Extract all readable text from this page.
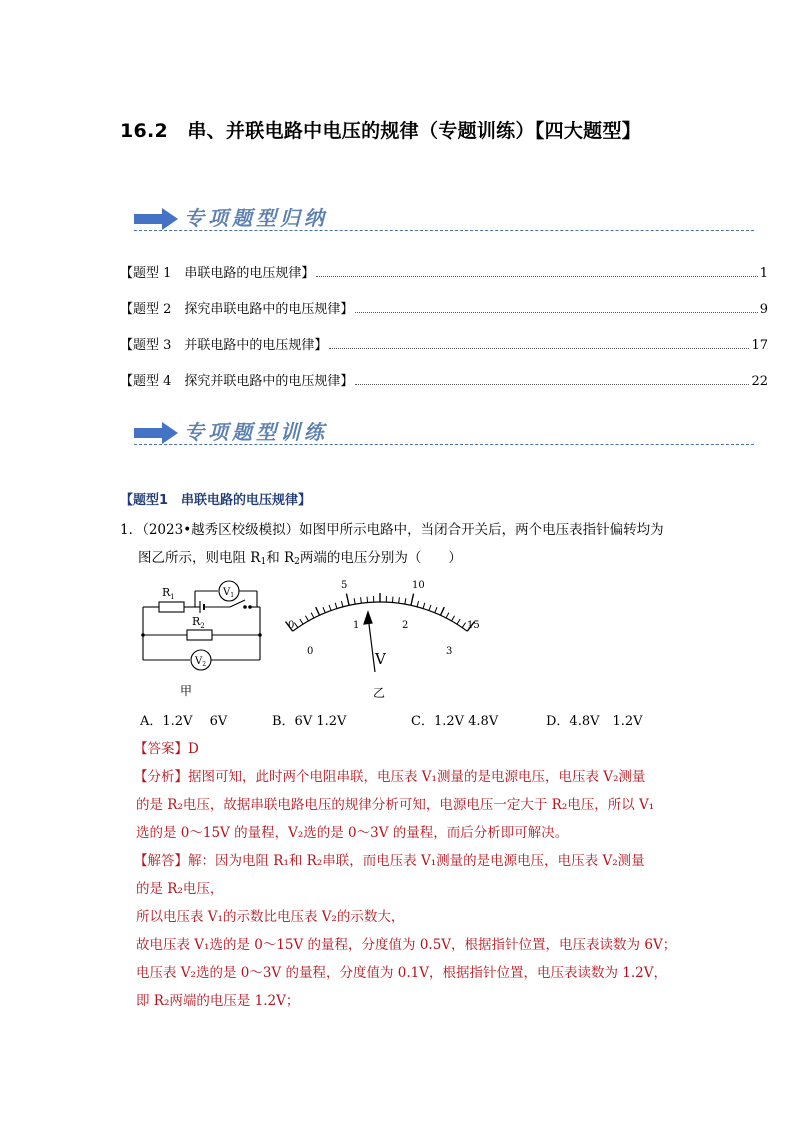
16.2　串、并联电路中电压的规律（专题训练）【四大题型】
专项题型归纳
【题型 1　串联电路的电压规律】	1
【题型 2　探究串联电路中的电压规律】	9
【题型 3　并联电路中的电压规律】	17
【题型 4　探究并联电路中的电压规律】	22
专项题型训练
【题型1　串联电路的电压规律】
1．（2023•越秀区校级模拟）如图甲所示电路中，当闭合开关后，两个电压表指针偏转均为
图乙所示，则电阻 $R_1$和 $R_2$两端的电压分别为（　　）
$R_1$
$R_2$
$V_1$
$V_2$
甲
0
5	10
15
0
1	2
3
V
乙
A．1.2V　 6V	B．6V 1.2V	C．1.2V 4.8V	D．4.8V　1.2V
【答案】D
【分析】据图可知，此时两个电阻串联，电压表 V₁测量的是电源电压，电压表 V₂测量
的是 R₂电压，故据串联电路电压的规律分析可知，电源电压一定大于 R₂电压，所以 V₁
选的是 0～15V 的量程，V₂选的是 0～3V 的量程，而后分析即可解决。
【解答】解：因为电阻 R₁和 R₂串联，而电压表 V₁测量的是电源电压，电压表 V₂测量
的是 R₂电压，
所以电压表 V₁的示数比电压表 V₂的示数大，
故电压表 V₁选的是 0～15V 的量程，分度值为 0.5V，根据指针位置，电压表读数为 6V；
电压表 V₂选的是 0～3V 的量程，分度值为 0.1V，根据指针位置，电压表读数为 1.2V，
即 R₂两端的电压是 1.2V；
